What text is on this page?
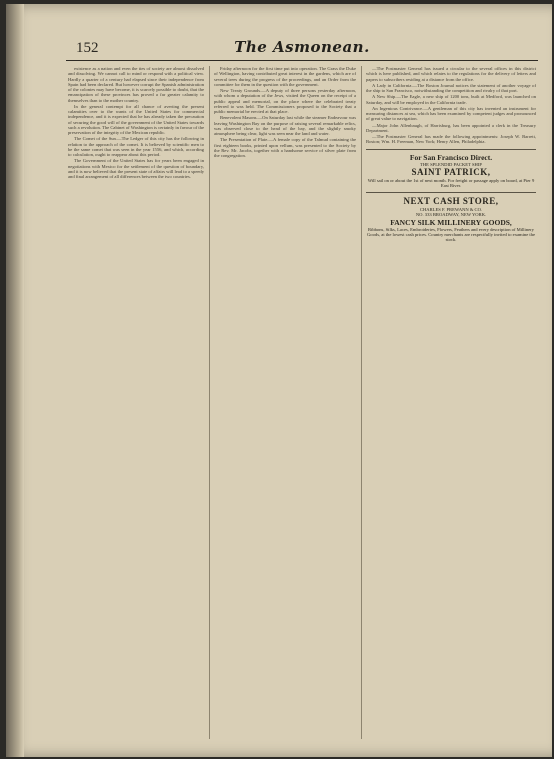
152	The Asmonean.

existence as a nation and even the ties of society are almost dissolved and dissolving. We cannot call to mind or respond with a political view. Hardly a quarter of a century had elapsed since their independence from Spain had been declared. But however corrupt the Spanish administration of the colonies may have become, it is scarcely possible to doubt, that the emancipation of these provinces has proved a far greater calamity to themselves than to the mother country.

In the general contempt for all chance of averting the present calamities over to the wants of the United States for commercial independence, and it is expected that he has already taken the precaution of securing the good will of the government of the United States towards such a revolution. The Cabinet of Washington is certainly in favour of the preservation of the integrity of the Mexican republic.

The Comet of the Sun.—The Ledger of this city has the following in relation to the approach of the comet. It is believed by scientific men to be the same comet that was seen in the year 1556, and which, according to calculation, ought to reappear about this period.

The Government of the United States has for years been engaged in negotiations with Mexico for the settlement of the question of boundary, and it is now believed that the present state of affairs will lead to a speedy and final arrangement of all differences between the two countries.

Friday afternoon for the first time put into operation. The Grass the Duke of Wellington, having contributed great interest in the gardens, which are of several trees during the progress of the proceedings, and an Order from the committee for them in the question with the government.

New Treaty Grounds.—A deputy of three persons yesterday afternoon, with whom a deputation of the Jews, visited the Queen on the receipt of a public appeal and memorial, on the place where the celebrated treaty referred to was held. The Commissioners proposed to the Society that a public memorial be erected at that place.

Benevolent Masons.—On Saturday last while the steamer Endeavour was leaving Washington Bay on the purpose of raising several remarkable relics, was observed close to the head of the bay, and the slightly smoky atmosphere being clear, light was seen near the land and water.

The Presentation of Plate.—A female copy of the Talmud containing the first eighteen books, printed upon vellum, was presented to the Society by the Rev. Mr. Jacobs, together with a handsome service of silver plate from the congregation.

—The Postmaster General has issued a circular to the several offices in this district which is here published, and which relates to the regulations for the delivery of letters and papers to subscribers residing at a distance from the office.

A Lady in California.—The Boston Journal notices the statement of another voyage of the ship to San Francisco, notwithstanding the competition and rivalry of that port.

A New Ship.—The Eagle, a new ship of 1200 tons, built at Medford, was launched on Saturday, and will be employed in the California trade.

An Ingenious Contrivance.—A gentleman of this city has invented an instrument for measuring distances at sea, which has been examined by competent judges and pronounced of great value to navigation.

—Major John Allenbaugh, of Harrisburg, has been appointed a clerk in the Treasury Department.

—The Postmaster General has made the following appointments: Joseph W. Barrett, Boston; Wm. H. Freeman, New York; Henry Allen, Philadelphia.

For San Francisco Direct.
THE SPLENDID PACKET SHIP
SAINT PATRICK,
Will sail on or about the 1st of next month. For freight or passage apply on board, at Pier 9 East River.
NEXT CASH STORE,
CHARLES F. PREWANN & CO.
NO. 333 BROADWAY, NEW YORK.
FANCY SILK MILLINERY GOODS,
Ribbons, Silks, Laces, Embroideries, Flowers, Feathers and every description of Millinery Goods, at the lowest cash prices. Country merchants are respectfully invited to examine the stock.
